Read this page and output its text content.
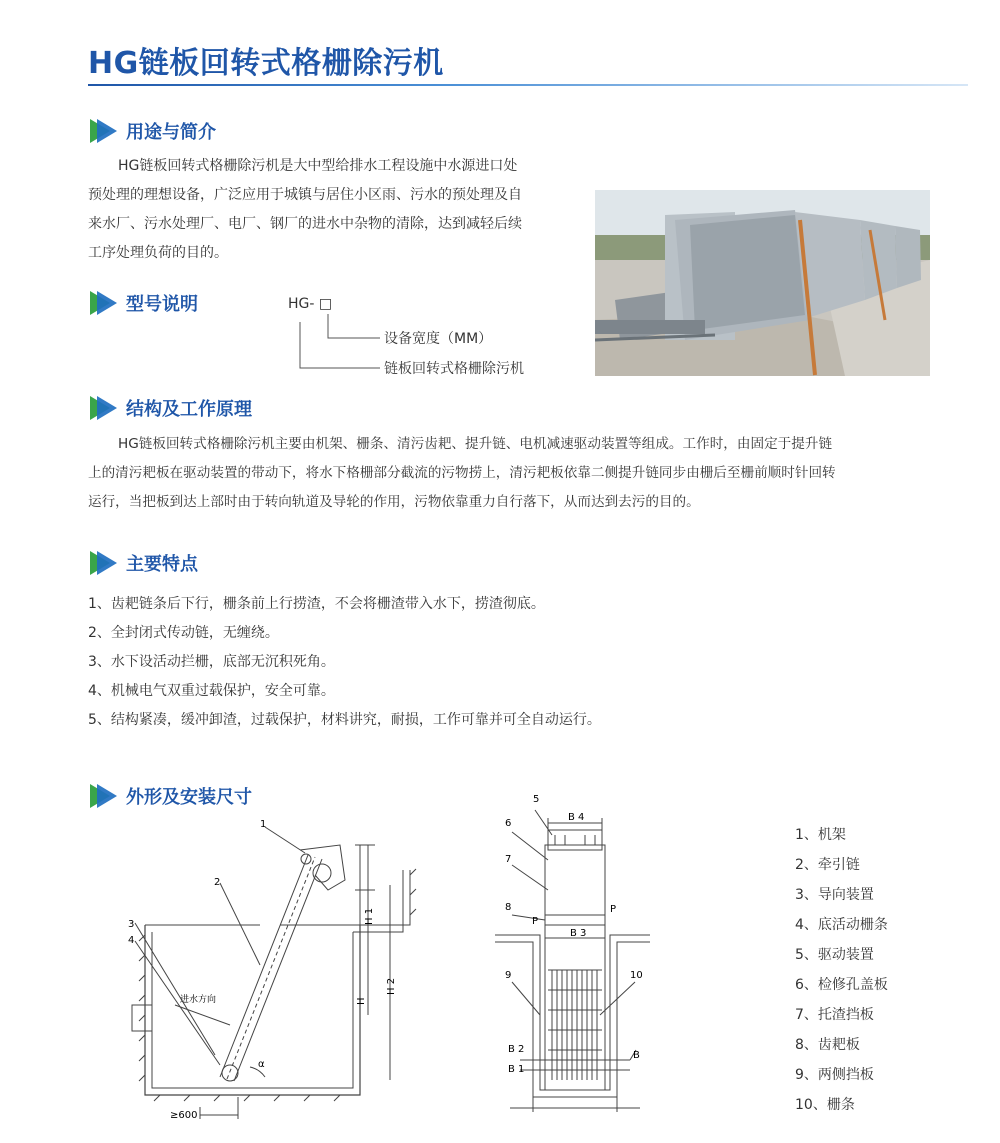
HG链板回转式格栅除污机
用途与简介

HG链板回转式格栅除污机是大中型给排水工程设施中水源进口处

预处理的理想设备，广泛应用于城镇与居住小区雨、污水的预处理及自

来水厂、污水处理厂、电厂、钢厂的进水中杂物的清除，达到减轻后续

工序处理负荷的目的。

型号说明	HG- □
设备宽度（MM）
链板回转式格栅除污机
结构及工作原理

HG链板回转式格栅除污机主要由机架、栅条、清污齿耙、提升链、电机减速驱动装置等组成。工作时，由固定于提升链

上的清污耙板在驱动装置的带动下，将水下格栅部分截流的污物捞上，清污耙板依靠二侧提升链同步由栅后至栅前顺时针回转

运行，当把板到达上部时由于转向轨道及导轮的作用，污物依靠重力自行落下，从而达到去污的目的。

主要特点
1、齿耙链条后下行，栅条前上行捞渣，不会将栅渣带入水下，捞渣彻底。
2、全封闭式传动链，无缠绕。
3、水下设活动拦栅，底部无沉积死角。
4、机械电气双重过载保护，安全可靠。
5、结构紧凑，缓冲卸渣，过载保护，材料讲究，耐损，工作可靠并可全自动运行。
外形及安装尺寸
1
2
3
4
进水方向
H 1
H
H 2
α
≥600
5
6
7
8
9	10
B 4
B 3
B 2
B 1
B
P
P
1、机架
2、牵引链
3、导向装置
4、底活动栅条
5、驱动装置
6、检修孔盖板
7、托渣挡板
8、齿耙板
9、两侧挡板
10、栅条
